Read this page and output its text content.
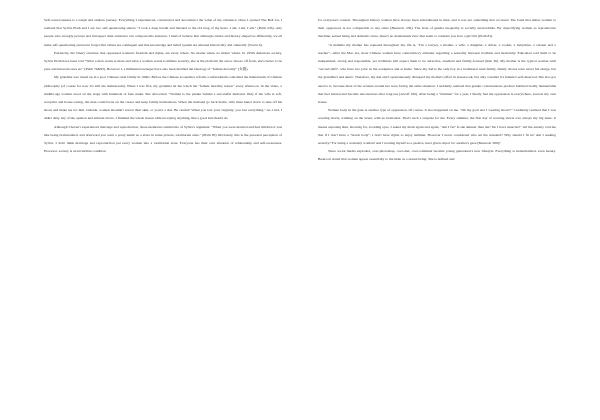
Self-consciousness is a tough and endless journey. Everything I experienced, constructed and deconstruct the value of my existence. Once I opened The Bell Jar, I realized that Sylvia Plath and I are two self-questioning sisters. "I took a deep breath and listened to the old brag of my heart. I am, I am, I am." (Plath 243). only people who strongly percept and introspect their existence can compose this sentence. I kind of believe that although culture and history shaped us differently, we all insist self-questioning and never forget that values are contingent and that knowledge and belief system are situated historically and culturally (Travis 6).

Patriarchy, the binary structure that oppressed women's freedom and rights, are every where. No matter when, no matter where. In 1950s American society, Sylvia Plath have been told "What a man wants is mate and what a woman wants is infinite security, she is the platform the arrow shoots off from, she's better to be pure and innocent ones etc" (Plath 72&83). However I, a millennial teenager have also been instilled the ideology of "female morality" (女德).

My grandma was raised up in a poor Chinese rural family in 1940s. Before the Chinese economics reform, Confucianism controlled the mainstream of Chinese philosophy (of course for now it's still the mainstream). When I was five, my grandma let me watch the "female morality lesson" every afternoon. In the video, a middle-age woman stood on the stage with hundreds of fans under. She advocated, "Woman is the pusher behind a successful husband. Only if the wife is soft, receptive and house-caring, the man could focus on the career and keep family harmonious. When the husband go back home, wife must kneel down to take off his shoes and make tea for him. Outside, women shouldn't reveal their skin, or you're a slut. Be careful! When you lost your virginity, you lost everything." As a kid, I didn't deny any of the opinion and attitude above. I finished the whole lesson without saying anything, like a good kid should do.

Although I haven't experienced marriage and reproduction, those memories remind me of Sylvia's argument. "When you were married and had children it was like being brainwashed, and afterward you went a posty numb as a slave in some private, totalitarian state." (Plath 85) Obviously, this is the personal perception of Sylvia. I don't think marriage and reproduction put every woman into a totalitarian state. Everyone has their own situation of relationship and self-awareness. However, society is an invincible condition

for everyone's context. Throughout history women have always been subordinated in men, and it was not something that occurred. The bond that unites women to their oppressors is not comparable to any other (Beauvoir 259). The state of gender inequality is socially unavoidable. By objectifying woman as reproductive machine, sexual being and domestic slave, there's no mainstream view that seem to consider you how a girl felt (Plath 81).

"A mamma my mother has repeated throughout my life is, "I'm a lawyer, a mother, a wife, a daughter, a driver, a cooker, a babysitter, a cleaner and a teacher"...After the Mao era, most Chinese women have contradictory attitudes regarding a sexuality between tradition and modernity. Education told them to be independent, strong and responsible, yet traditions still expect them to be attractive, obedient and family-focused (Ren 36). My mother is the typical woman with "second shift", who have two jobs: in the workplace and at home. Since my dad is the only boy in a traditional rural family, family chores were never his charge, but my grandma's and aunts'. Therefore, my dad and I spontaneously disregard my mother's effort in housework, but only consider it's female's self-deserved. She also got used to it, because most of the women around her were facing the same situation. I suddenly realized that gender consciousness produce habitual bodily mannerisms that feel natural and become unconscious after long use (Alcoff 100). After being a "feminist" for a year, I finally feel the oppression is everywhere, even in my own house.

Women body in the gaze is another type of oppression. Of course. It also happened on me. "Oh my god! Are I wearing shorts?" I suddenly realized that I was wearing shorts, walking on the street, with no hesitation. That's such a surprise for me. Every summer, the first day of wearing shorts was always my big issue. It means exposing skin, showing fat, avoiding eyes. I asked my mom again and again, "Am I fat? Is she skinner than me? Do I have muscles?" All the anxiety told me that if I don't have a "beach body", I don't have rights to enjoy summer. However I never considered who set the standard? Why should I fit in? Am I seeking security? For being a womanly woman? Am I treating myself as a passive, inert given object for another's gaze (Beauvoir 306)?

Since social media exploded, over-photoshop, over-diet, over-comment became young generation's new lifestyle. Everything is industrialized, even beauty. Beauvoir stated that women appear essentially to the male as a sexual being. She is defined and
